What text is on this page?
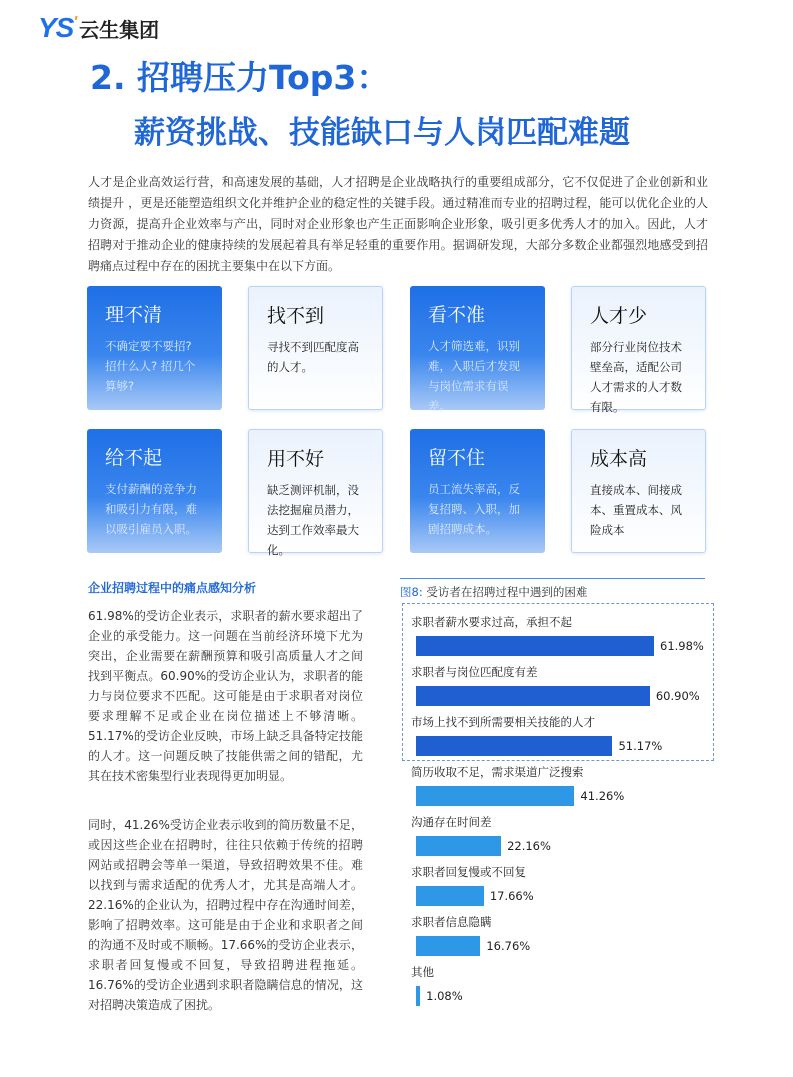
YS' 云生集团
2. 招聘压力Top3：
薪资挑战、技能缺口与人岗匹配难题
人才是企业高效运行营，和高速发展的基础，人才招聘是企业战略执行的重要组成部分，它不仅促进了企业创新和业绩提升 ，更是还能塑造组织文化并维护企业的稳定性的关键手段。通过精准而专业的招聘过程，能可以优化企业的人力资源，提高升企业效率与产出，同时对企业形象也产生正面影响企业形象，吸引更多优秀人才的加入。因此，人才招聘对于推动企业的健康持续的发展起着具有举足轻重的重要作用。据调研发现，大部分多数企业都强烈地感受到招聘痛点过程中存在的困扰主要集中在以下方面。
理不清

不确定要不要招? 招什么人? 招几个算够?

找不到

寻找不到匹配度高的人才。

看不准

人才筛选难，识别难，入职后才发现与岗位需求有误差。

人才少

部分行业岗位技术壁垒高，适配公司人才需求的人才数有限。

给不起

支付薪酬的竞争力和吸引力有限，难以吸引雇员入职。

用不好

缺乏测评机制，没法挖掘雇员潜力，达到工作效率最大化。

留不住

员工流失率高，反复招聘、入职，加剧招聘成本。

成本高

直接成本、间接成本、重置成本、风险成本

企业招聘过程中的痛点感知分析
61.98%的受访企业表示，求职者的薪水要求超出了企业的承受能力。这一问题在当前经济环境下尤为突出，企业需要在薪酬预算和吸引高质量人才之间找到平衡点。60.90%的受访企业认为，求职者的能力与岗位要求不匹配。这可能是由于求职者对岗位要求理解不足或企业在岗位描述上不够清晰。51.17%的受访企业反映，市场上缺乏具备特定技能的人才。这一问题反映了技能供需之间的错配，尤其在技术密集型行业表现得更加明显。
同时，41.26%受访企业表示收到的简历数量不足，或因这些企业在招聘时，往往只依赖于传统的招聘网站或招聘会等单一渠道，导致招聘效果不佳。难以找到与需求适配的优秀人才，尤其是高端人才。22.16%的企业认为，招聘过程中存在沟通时间差，影响了招聘效率。这可能是由于企业和求职者之间的沟通不及时或不顺畅。17.66%的受访企业表示，求职者回复慢或不回复，导致招聘进程拖延。16.76%的受访企业遇到求职者隐瞒信息的情况，这对招聘决策造成了困扰。
图8: 受访者在招聘过程中遇到的困难
求职者薪水要求过高，承担不起
61.98%
求职者与岗位匹配度有差
60.90%
市场上找不到所需要相关技能的人才
51.17%
简历收取不足，需求渠道广泛搜索
41.26%
沟通存在时间差
22.16%
求职者回复慢或不回复
17.66%
求职者信息隐瞒
16.76%
其他
1.08%
